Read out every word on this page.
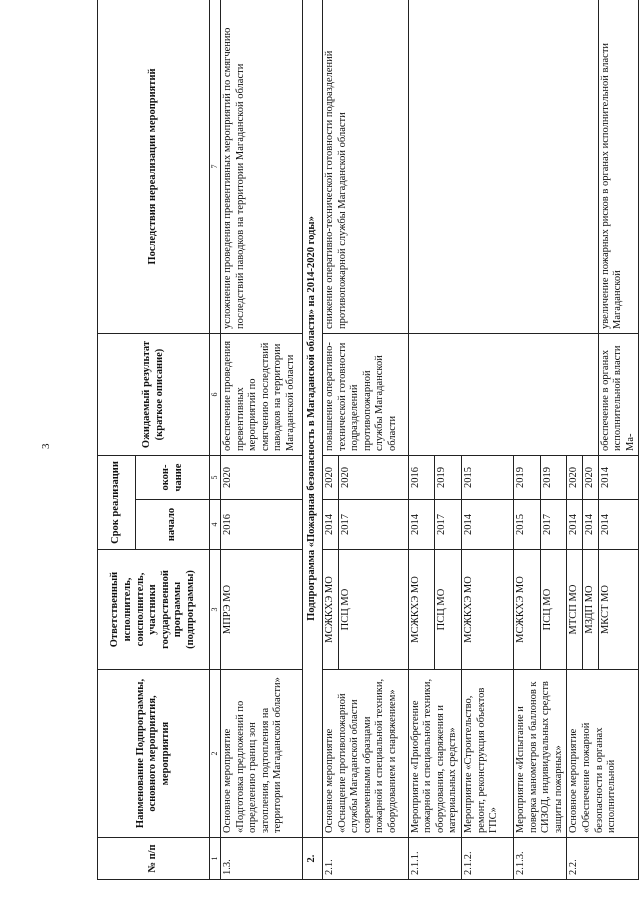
3
№ п/п	Наименование Подпрограммы, основного мероприятия, мероприятия	Ответственный исполнитель, соисполнитель, участники государственной программы (подпрограммы)	Срок реализации		Ожидаемый результат (краткое описание)	Последствия нереализации мероприятий
			начало	окон-чание		
1	2	3	4	5	6	7
1.3.	Основное мероприятие «Подготовка предложений по определению границ зон затопления, подтопления на территории Магаданской области»	МПРЭ МО	2016	2020	обеспечение проведения превентивных мероприятий по смягчению последствий паводков на территории Магаданской области	усложнение проведения превентивных мероприятий по смягчению последствий паводков на территории Магаданской области
2.	Подпрограмма «Пожарная безопасность в Магаданской области» на 2014-2020 годы»					
2.1.	Основное мероприятие «Оснащение противопожарной службы Магаданской области современными образцами пожарной и специальной техники, оборудованием и снаряжением»	МСЖКХЭ МО	2014	2020	повышение оперативно-технической готовности подразделений противопожарной службы Магаданской области	снижение оперативно-технической готовности подразделений противопожарной службы Магаданской области
		ПСЦ МО	2017	2020		
2.1.1.	Мероприятие «Приобретение пожарной и специальной техники, оборудования, снаряжения и материальных средств»	МСЖКХЭ МО	2014	2016		
		ПСЦ МО	2017	2019		
2.1.2.	Мероприятие «Строительство, ремонт, реконструкция объектов ГПС»	МСЖКХЭ МО	2014	2015		
2.1.3.	Мероприятие «Испытание и поверка манометров и баллонов к СИЗОД, индивидуальных средств защиты пожарных»	МСЖКХЭ МО	2015	2019		
		ПСЦ МО	2017	2019		
2.2.	Основное мероприятие «Обеспечение пожарной безопасности в органах исполнительной	МТСП МО	2014	2020		
		МЗДП МО	2014	2020		
		МКСТ МО	2014	2014	обеспечение в органах исполнительной власти Ма-	увеличение пожарных рисков в органах исполнительной власти Магаданской
